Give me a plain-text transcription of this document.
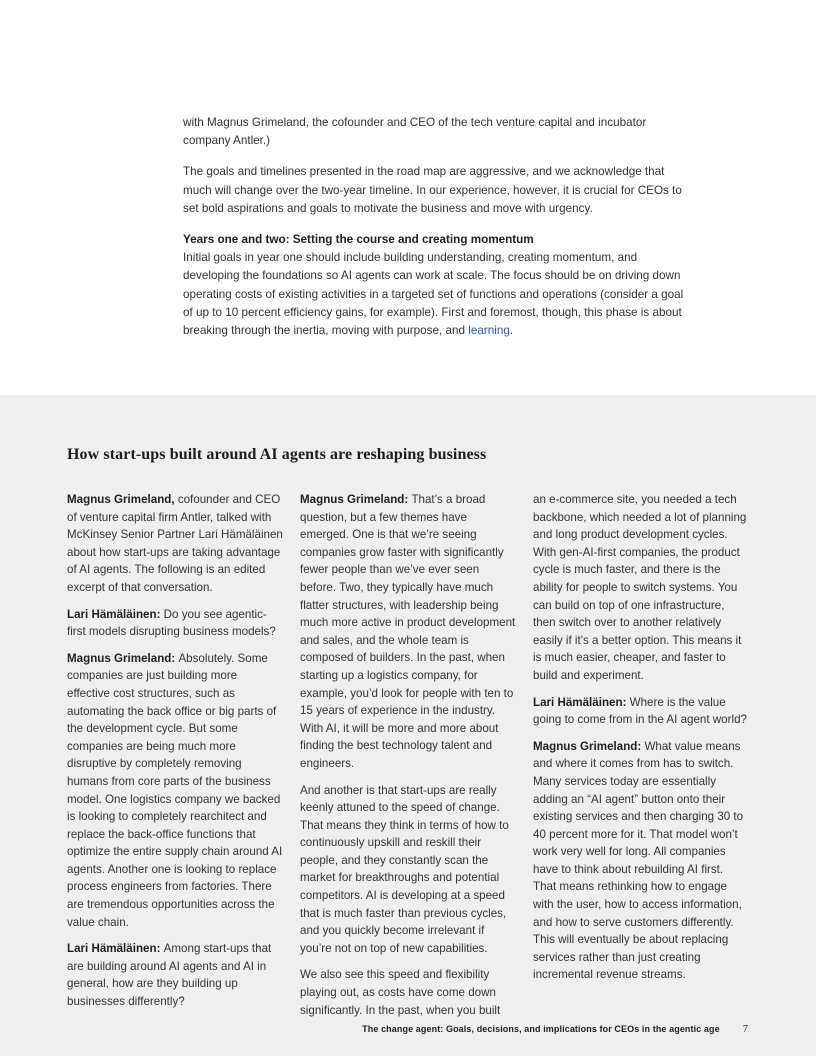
with Magnus Grimeland, the cofounder and CEO of the tech venture capital and incubator company Antler.)

The goals and timelines presented in the road map are aggressive, and we acknowledge that much will change over the two-year timeline. In our experience, however, it is crucial for CEOs to set bold aspirations and goals to motivate the business and move with urgency.

Years one and two: Setting the course and creating momentum

Initial goals in year one should include building understanding, creating momentum, and developing the foundations so AI agents can work at scale. The focus should be on driving down operating costs of existing activities in a targeted set of functions and operations (consider a goal of up to 10 percent efficiency gains, for example). First and foremost, though, this phase is about breaking through the inertia, moving with purpose, and learning.

How start-ups built around AI agents are reshaping business

Magnus Grimeland, cofounder and CEO of venture capital firm Antler, talked with McKinsey Senior Partner Lari Hämäläinen about how start-ups are taking advantage of AI agents. The following is an edited excerpt of that conversation.

Lari Hämäläinen: Do you see agentic-first models disrupting business models?

Magnus Grimeland: Absolutely. Some companies are just building more effective cost structures, such as automating the back office or big parts of the development cycle. But some companies are being much more disruptive by completely removing humans from core parts of the business model. One logistics company we backed is looking to completely rearchitect and replace the back-office functions that optimize the entire supply chain around AI agents. Another one is looking to replace process engineers from factories. There are tremendous opportunities across the value chain.

Lari Hämäläinen: Among start-ups that are building around AI agents and AI in general, how are they building up businesses differently?

Magnus Grimeland: That’s a broad question, but a few themes have emerged. One is that we’re seeing companies grow faster with significantly fewer people than we’ve ever seen before. Two, they typically have much flatter structures, with leadership being much more active in product development and sales, and the whole team is composed of builders. In the past, when starting up a logistics company, for example, you’d look for people with ten to 15 years of experience in the industry. With AI, it will be more and more about finding the best technology talent and engineers.

And another is that start-ups are really keenly attuned to the speed of change. That means they think in terms of how to continuously upskill and reskill their people, and they constantly scan the market for breakthroughs and potential competitors. AI is developing at a speed that is much faster than previous cycles, and you quickly become irrelevant if you’re not on top of new capabilities.

We also see this speed and flexibility playing out, as costs have come down significantly. In the past, when you built

an e-commerce site, you needed a tech backbone, which needed a lot of planning and long product development cycles. With gen-AI-first companies, the product cycle is much faster, and there is the ability for people to switch systems. You can build on top of one infrastructure, then switch over to another relatively easily if it’s a better option. This means it is much easier, cheaper, and faster to build and experiment.

Lari Hämäläinen: Where is the value going to come from in the AI agent world?

Magnus Grimeland: What value means and where it comes from has to switch. Many services today are essentially adding an “AI agent” button onto their existing services and then charging 30 to 40 percent more for it. That model won’t work very well for long. All companies have to think about rebuilding AI first. That means rethinking how to engage with the user, how to access information, and how to serve customers differently. This will eventually be about replacing services rather than just creating incremental revenue streams.

The change agent: Goals, decisions, and implications for CEOs in the agentic age 7
